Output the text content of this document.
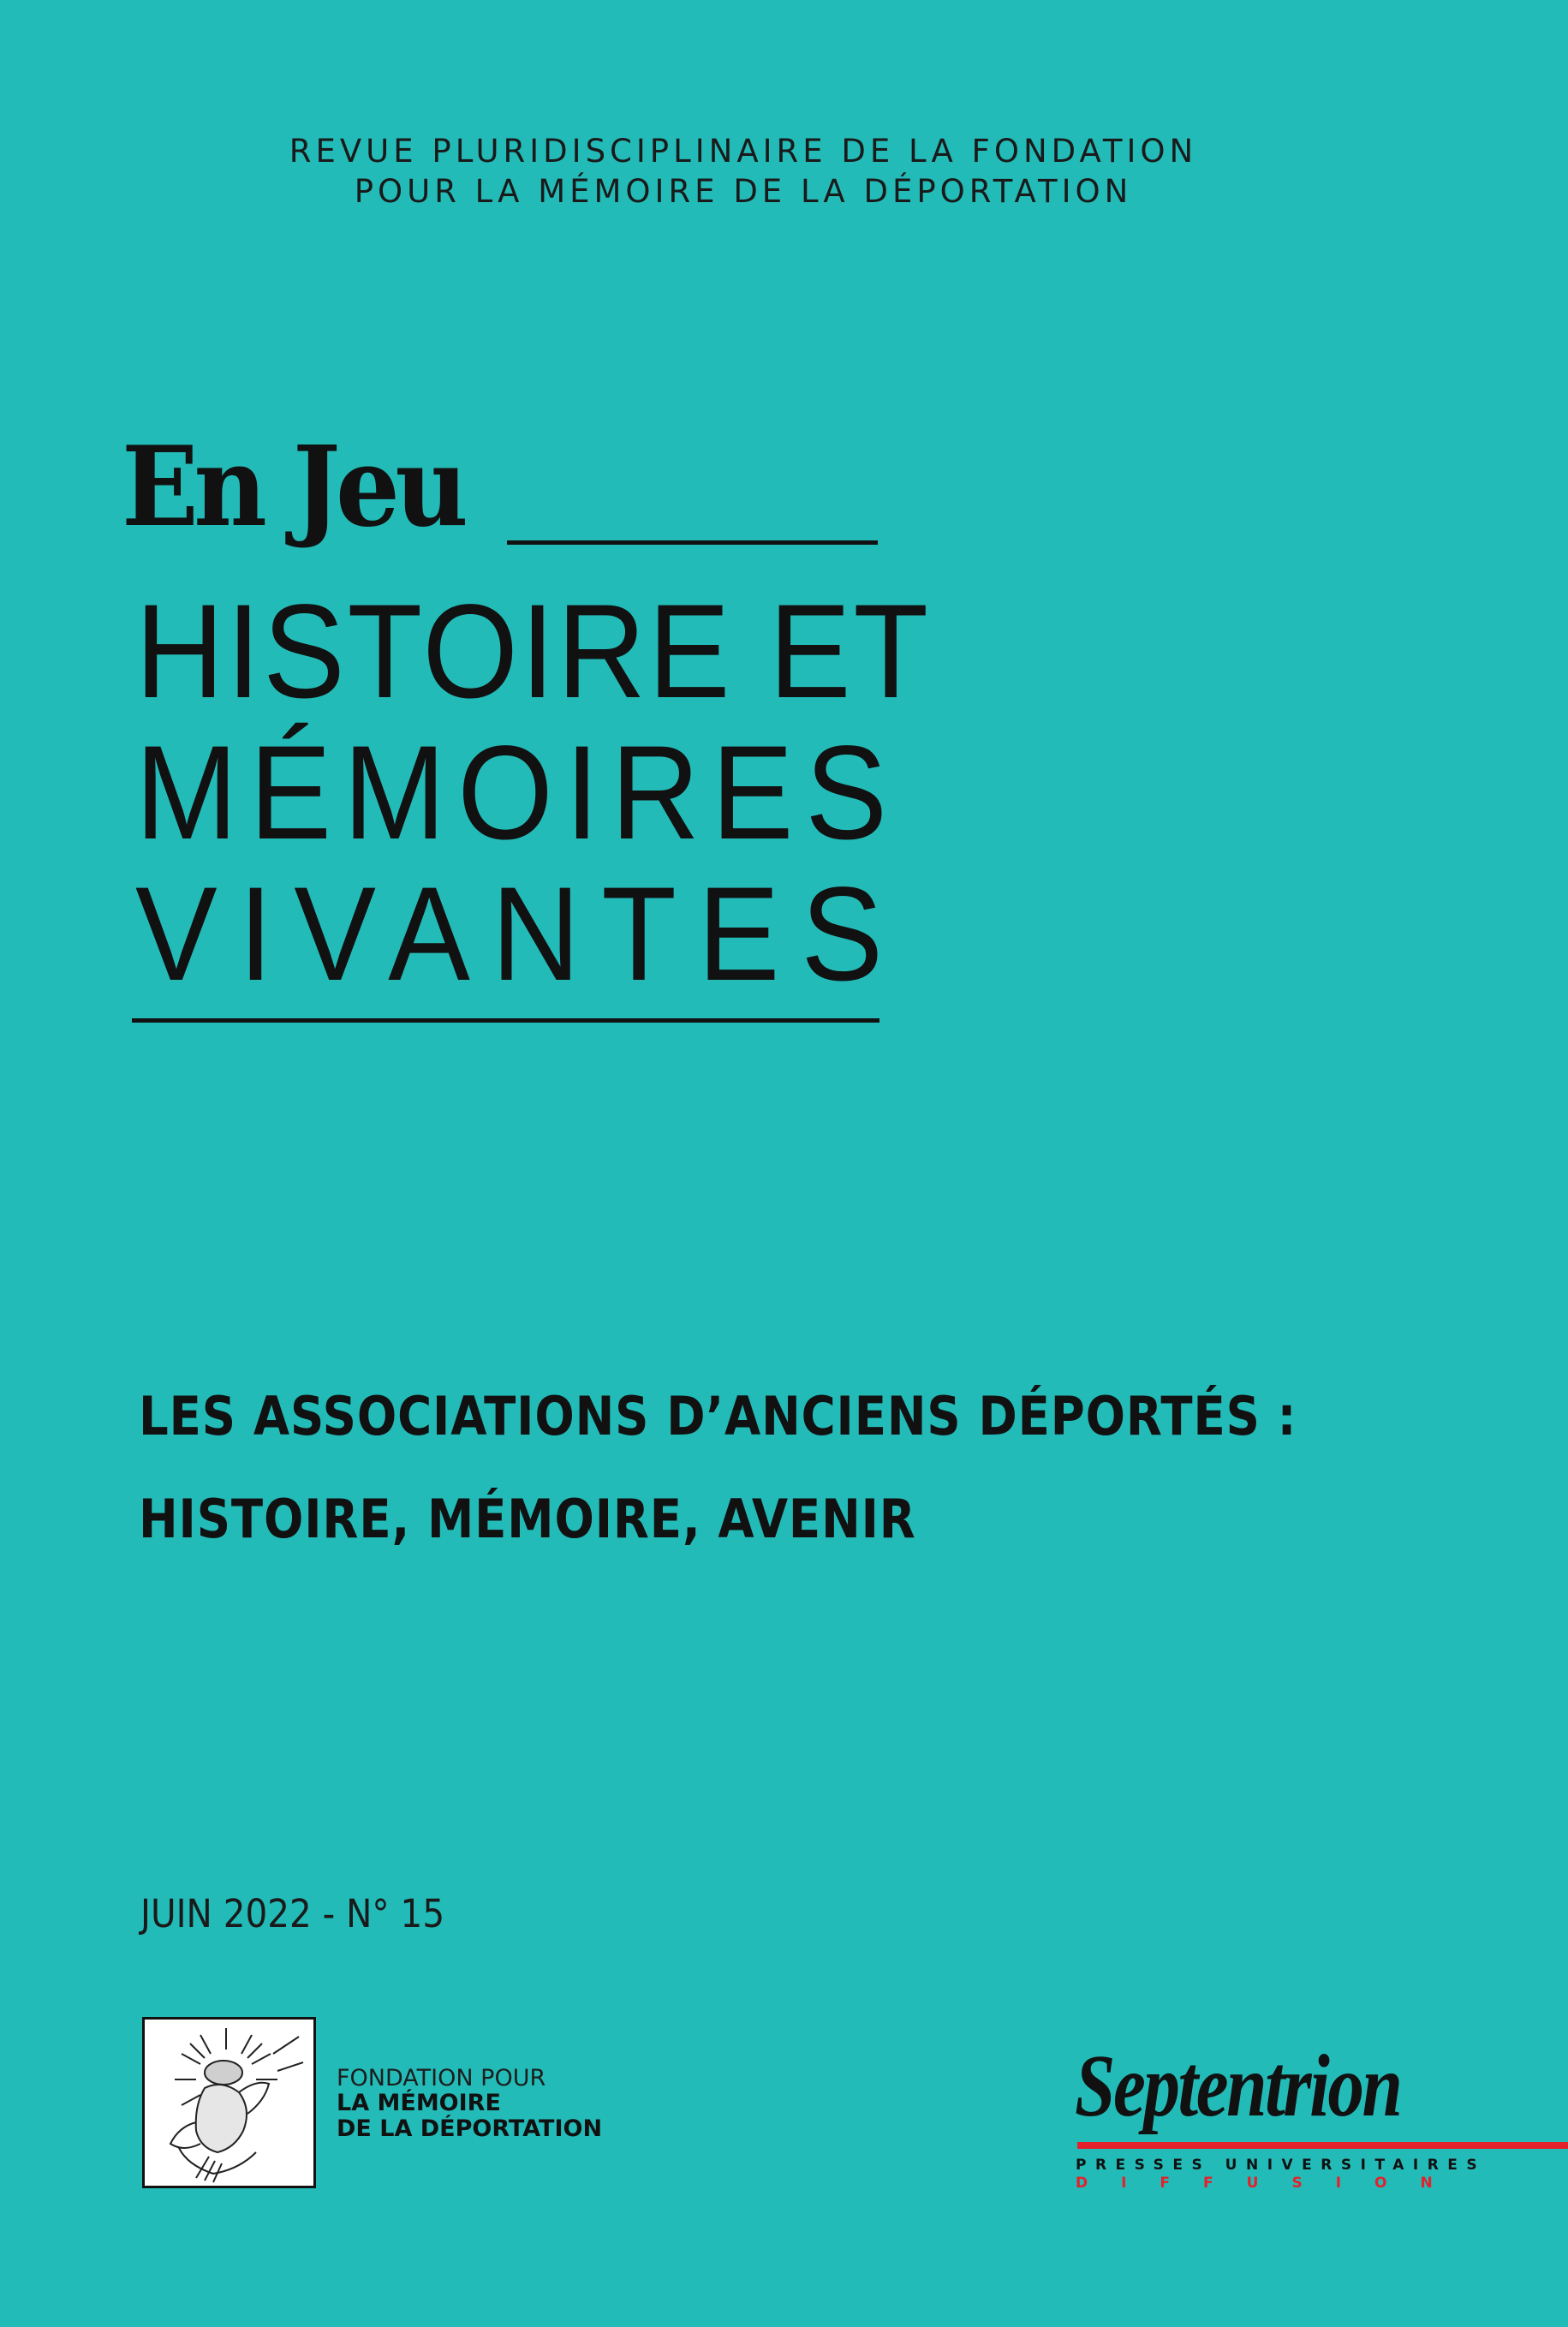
REVUE PLURIDISCIPLINAIRE DE LA FONDATION
POUR LA MÉMOIRE DE LA DÉPORTATION
En Jeu
HISTOIRE ET
MÉMOIRES
VIVANTES
LES ASSOCIATIONS D’ANCIENS DÉPORTÉS :
HISTOIRE, MÉMOIRE, AVENIR
JUIN 2022 - N° 15
FONDATION POUR
LA MÉMOIRE
DE LA DÉPORTATION	Septentrion
PRESSES UNIVERSITAIRES
DIFFUSION
